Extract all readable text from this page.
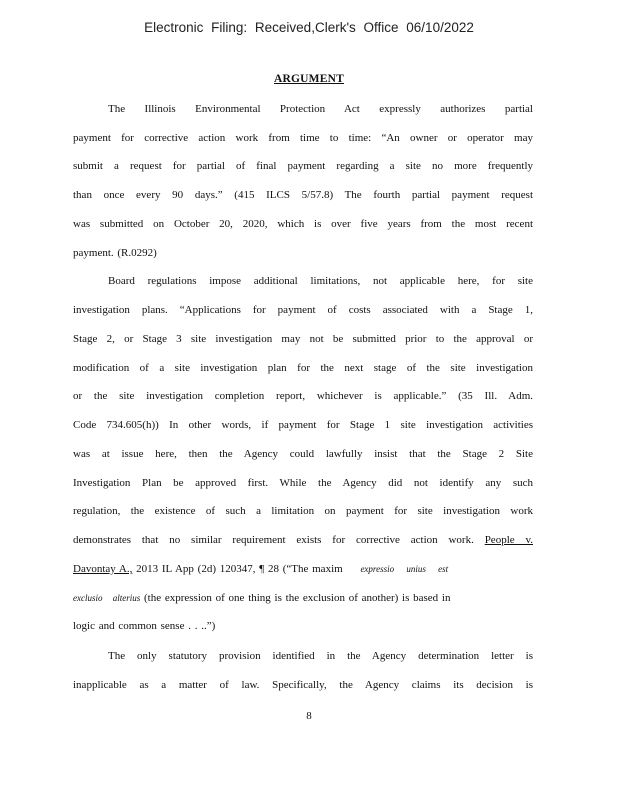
Electronic Filing: Received,Clerk's Office 06/10/2022
ARGUMENT
The Illinois Environmental Protection Act expressly authorizes partial
payment for corrective action work from time to time: “An owner or operator may
submit a request for partial of final payment regarding a site no more frequently
than once every 90 days.” (415 ILCS 5/57.8) The fourth partial payment request
was submitted on October 20, 2020, which is over five years from the most recent
payment. (R.0292)
Board regulations impose additional limitations, not applicable here, for site
investigation plans. “Applications for payment of costs associated with a Stage 1,
Stage 2, or Stage 3 site investigation may not be submitted prior to the approval or
modification of a site investigation plan for the next stage of the site investigation
or the site investigation completion report, whichever is applicable.” (35 Ill. Adm.
Code 734.605(h)) In other words, if payment for Stage 1 site investigation activities
was at issue here, then the Agency could lawfully insist that the Stage 2 Site
Investigation Plan be approved first. While the Agency did not identify any such
regulation, the existence of such a limitation on payment for site investigation work
demonstrates that no similar requirement exists for corrective action work. People v.
Davontay A., 2013 IL App (2d) 120347, ¶ 28 (“The maxim expressio unius est
exclusio alterius (the expression of one thing is the exclusion of another) is based in
logic and common sense . . ..”)
The only statutory provision identified in the Agency determination letter is
inapplicable as a matter of law. Specifically, the Agency claims its decision is
8
